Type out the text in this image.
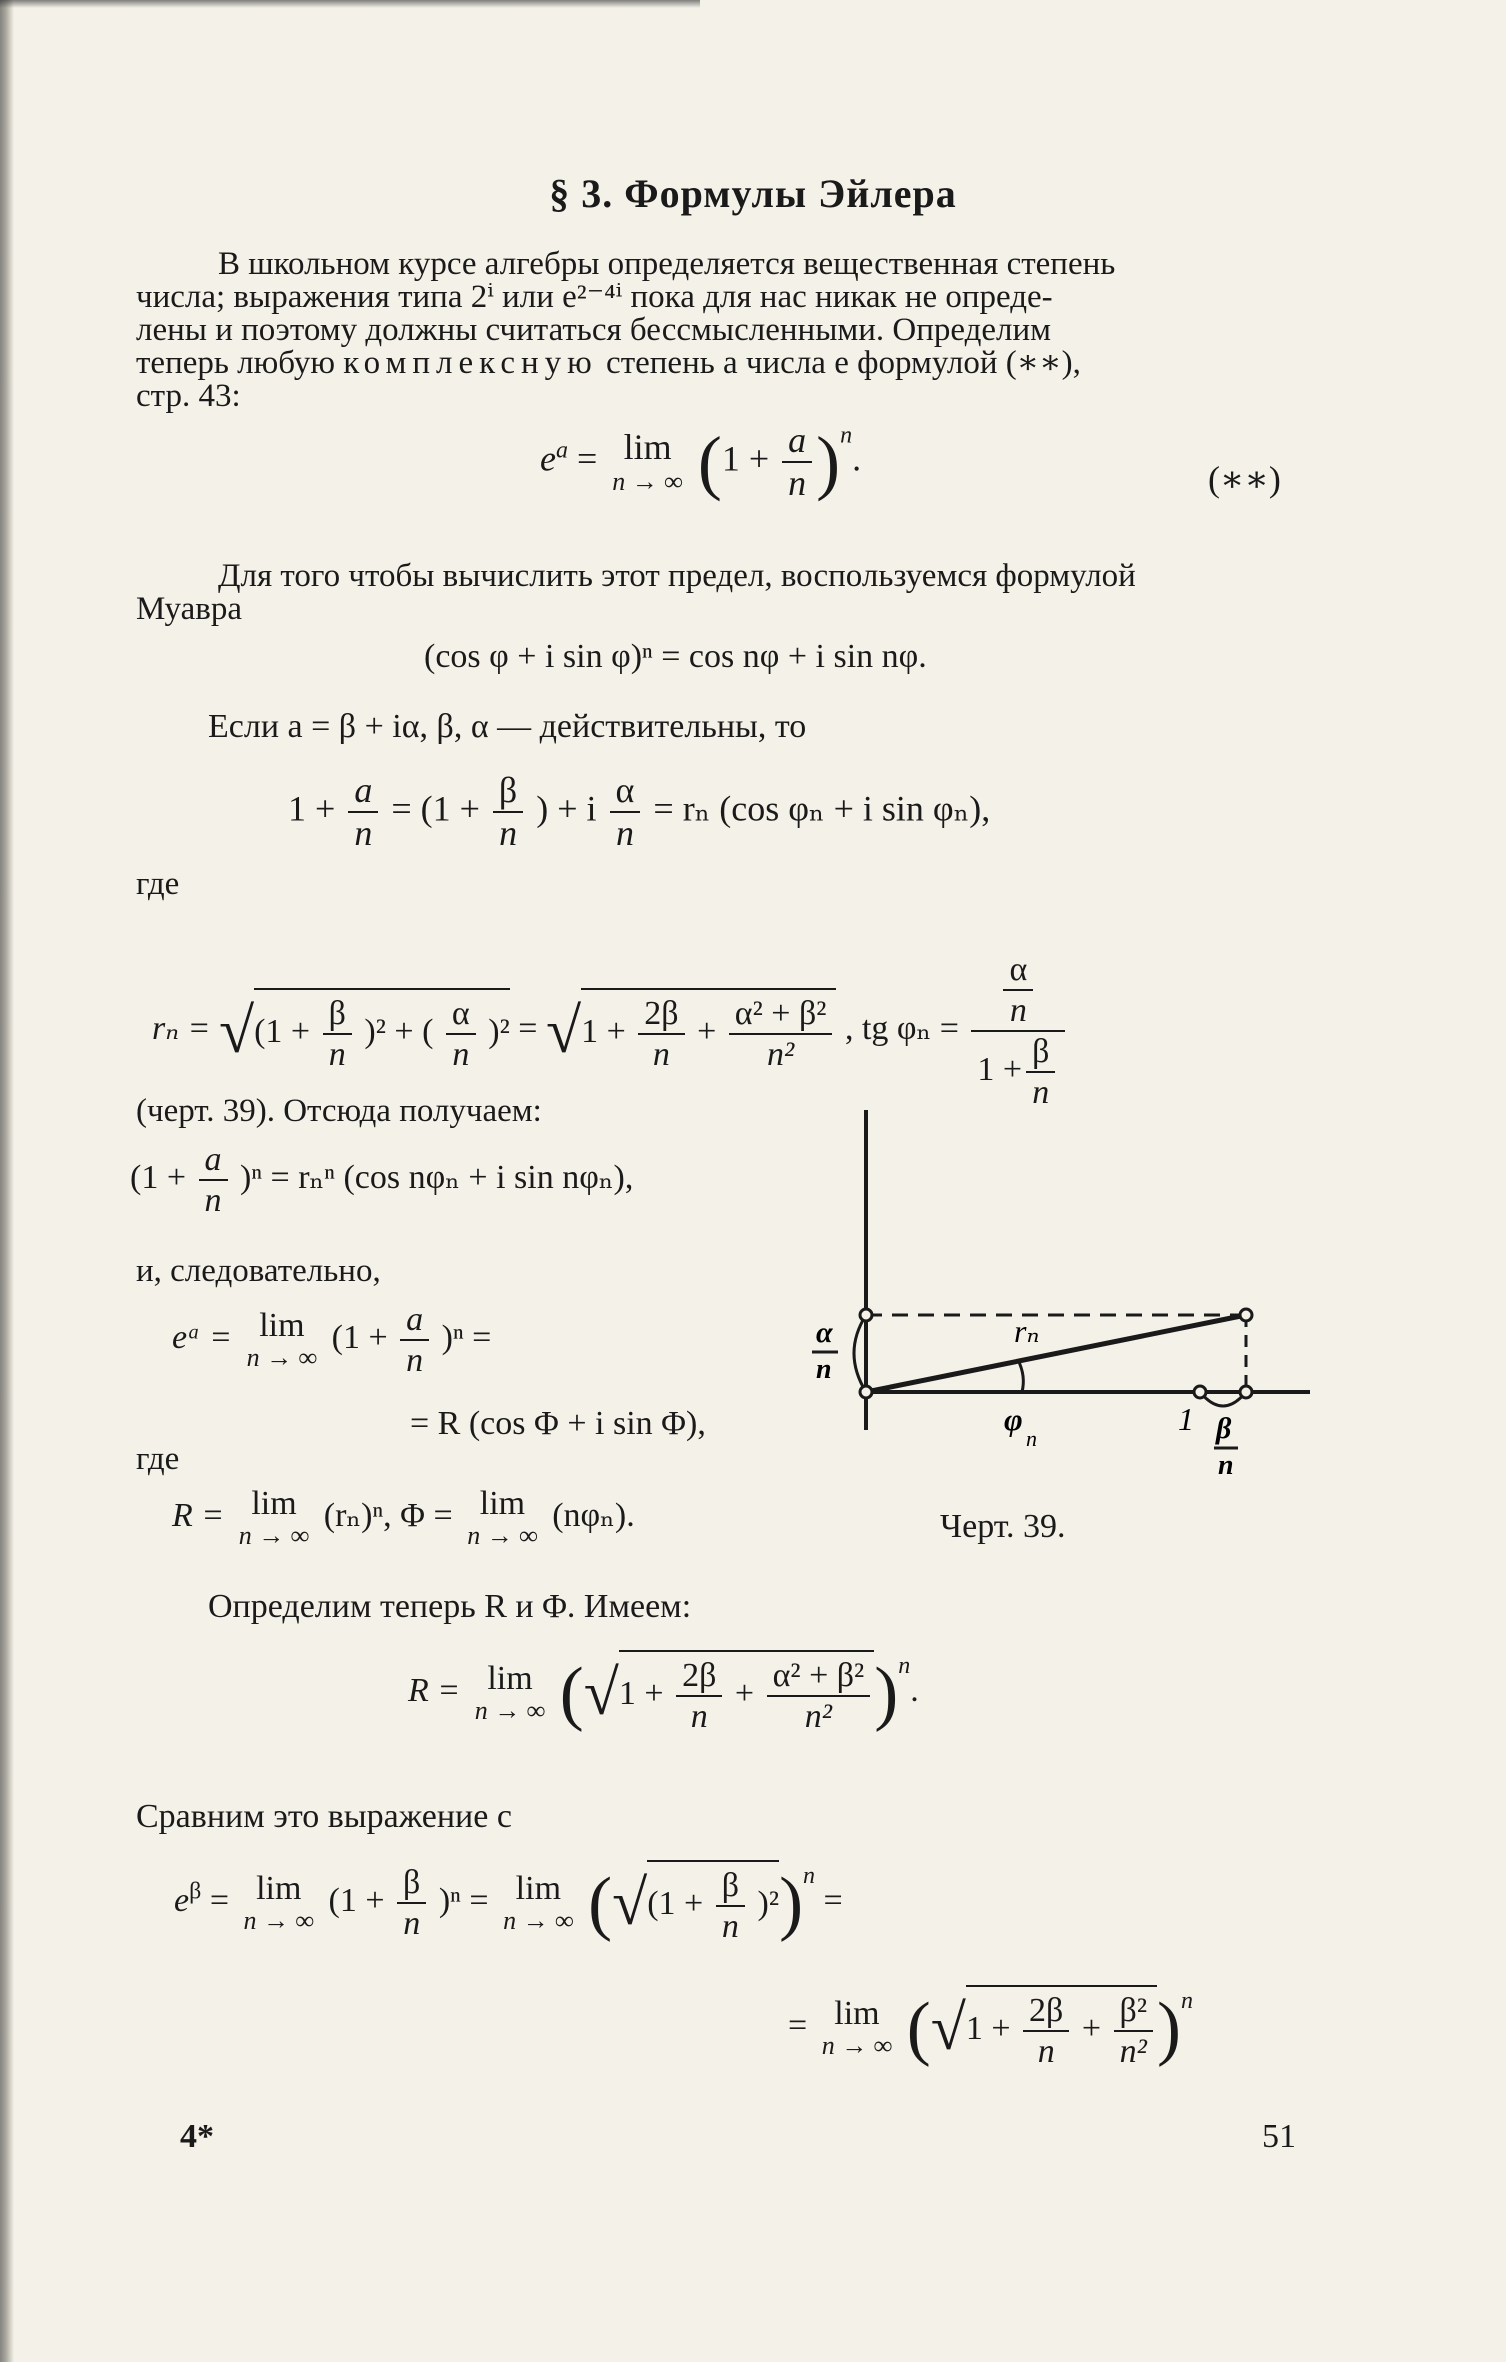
§ 3. Формулы Эйлера
В школьном курсе алгебры определяется вещественная степень
числа; выражения типа 2ⁱ или e²⁻⁴ⁱ пока для нас никак не опреде-
лены и поэтому должны считаться бессмысленными. Определим
теперь любую комплексную степень a числа e формулой (∗∗),
стр. 43:
$e^a = \lim$
n → ∞ $(1 + \frac{a}{n} )^n$.
(∗∗)
Для того чтобы вычислить этот предел, воспользуемся формулой
Муавра
(cos φ + i sin φ)ⁿ = cos nφ + i sin nφ.
Если a = β + iα, β, α — действительны, то
$1 + \frac{a}{n} = (1 + \frac{\beta}{n}$ ) + i $\frac{\alpha}{n} = r_n$ (cos φₙ + i sin φₙ),
где
$r_n = √(1 + \frac{\beta}{n} )^2$ + ( $\frac{\alpha}{n} )^2 = √1 + \frac{2\beta}{n} + \frac{\text{α² + β²}}{\text{n²}}$ , tg $\varphi_n = \frac{\frac{\alpha}{n}}{1 + \frac{\beta}{n}}$
(черт. 39). Отсюда получаем:
$(1 + \frac{a}{n} )^n = r_n^n$ (cos nφₙ + i sin nφₙ),
и, следовательно,
eᵃ = lim
n → ∞
$(1 + \frac{a}{n} )^n$ =
= R (cos Φ + i sin Φ),
где
R = lim
n → ∞
(rₙ)ⁿ, Φ = lim
n → ∞
(nφₙ).
rₙ
φ
n
1
α
n
β
n
Черт. 39.
Определим теперь R и Φ. Имеем:
R = lim
n → ∞ $(√1 + \frac{2\beta}{n} + \frac{\text{α² + β²}}{\text{n²}} )^n$.
Сравним это выражение с
$e^\beta = \lim$
n → ∞
$(1 + \frac{\beta}{n} )^n = \lim$
n → ∞ $(√(1 + \frac{\beta}{n} )^2)^n$ =
= lim
n → ∞ $(√1 + \frac{2\beta}{n} + \frac{\text{β²}}{\text{n²}} )^n$
4*	51
